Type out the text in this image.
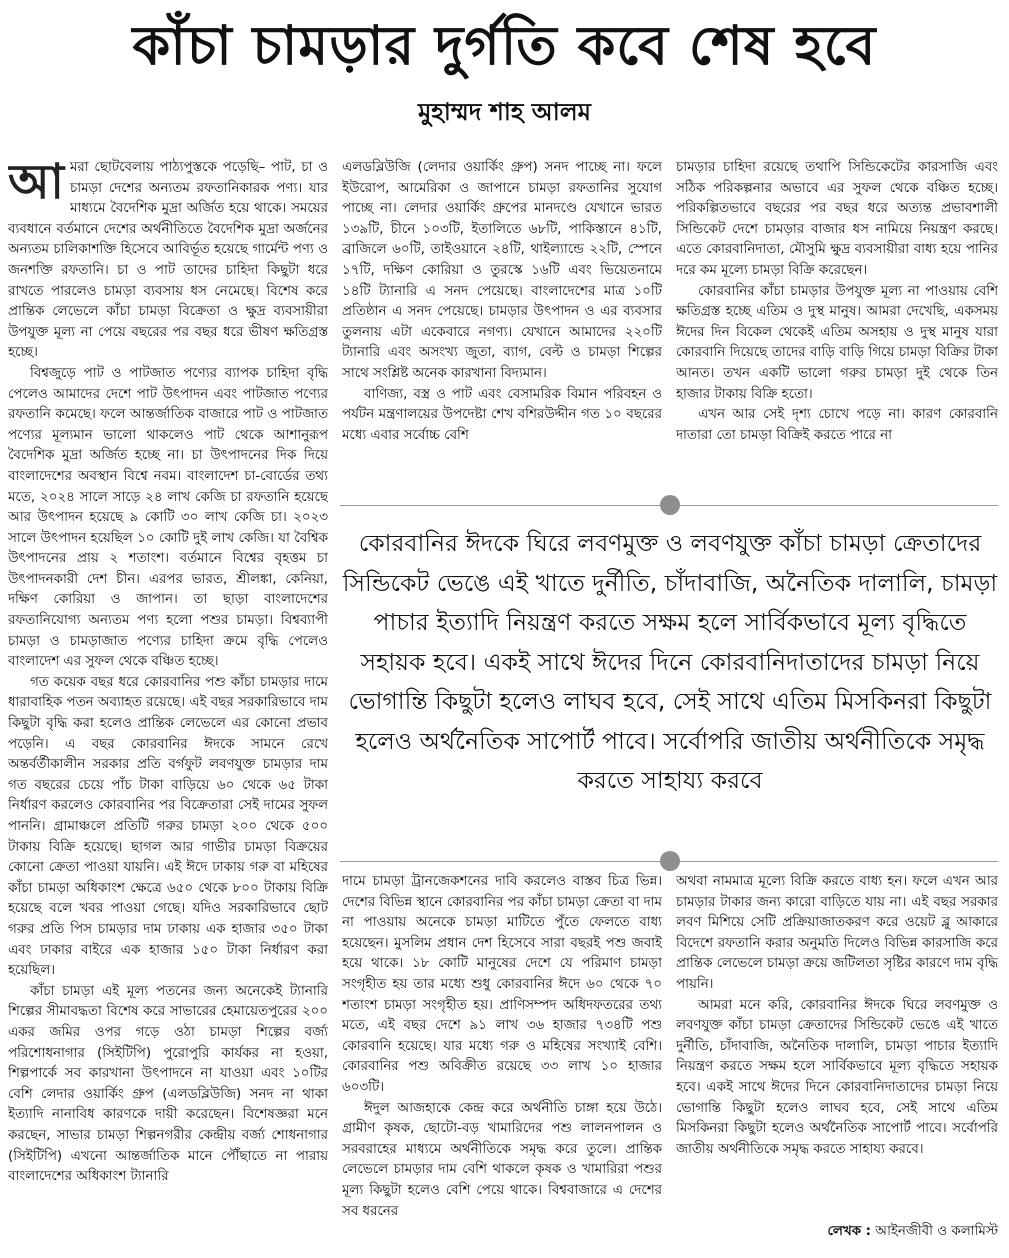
কাঁচা চামড়ার দুর্গতি কবে শেষ হবে
মুহাম্মদ শাহ আলম

আমরা ছোটবেলায় পাঠ্যপুস্তকে পড়েছি– পাট, চা ও চামড়া দেশের অন্যতম রফতানিকারক পণ্য। যার মাধ্যমে বৈদেশিক মুদ্রা অর্জিত হয়ে থাকে। সময়ের ব্যবধানে বর্তমানে দেশের অর্থনীতিতে বৈদেশিক মুদ্রা অর্জনের অন্যতম চালিকাশক্তি হিসেবে আবির্ভূত হয়েছে গার্মেন্ট পণ্য ও জনশক্তি রফতানি। চা ও পাট তাদের চাহিদা কিছুটা ধরে রাখতে পারলেও চামড়া ব্যবসায় ধস নেমেছে। বিশেষ করে প্রান্তিক লেভেলে কাঁচা চামড়া বিক্রেতা ও ক্ষুদ্র ব্যবসায়ীরা উপযুক্ত মূল্য না পেয়ে বছরের পর বছর ধরে ভীষণ ক্ষতিগ্রস্ত হচ্ছে।

বিশ্বজুড়ে পাট ও পাটজাত পণ্যের ব্যাপক চাহিদা বৃদ্ধি পেলেও আমাদের দেশে পাট উৎপাদন এবং পাটজাত পণ্যের রফতানি কমেছে। ফলে আন্তর্জাতিক বাজারে পাট ও পাটজাত পণ্যের মূল্যমান ভালো থাকলেও পাট থেকে আশানুরূপ বৈদেশিক মুদ্রা অর্জিত হচ্ছে না। চা উৎপাদনের দিক দিয়ে বাংলাদেশের অবস্থান বিশ্বে নবম। বাংলাদেশ চা-বোর্ডের তথ্য মতে, ২০২৪ সালে সাড়ে ২৪ লাখ কেজি চা রফতানি হয়েছে আর উৎপাদন হয়েছে ৯ কোটি ৩০ লাখ কেজি চা। ২০২৩ সালে উৎপাদন হয়েছিল ১০ কোটি দুই লাখ কেজি। যা বৈশ্বিক উৎপাদনের প্রায় ২ শতাংশ। বর্তমানে বিশ্বের বৃহত্তম চা উৎপাদনকারী দেশ চীন। এরপর ভারত, শ্রীলঙ্কা, কেনিয়া, দক্ষিণ কোরিয়া ও জাপান। তা ছাড়া বাংলাদেশের রফতানিযোগ্য অন্যতম পণ্য হলো পশুর চামড়া। বিশ্বব্যাপী চামড়া ও চামড়াজাত পণ্যের চাহিদা ক্রমে বৃদ্ধি পেলেও বাংলাদেশ এর সুফল থেকে বঞ্চিত হচ্ছে।

গত কয়েক বছর ধরে কোরবানির পশু কাঁচা চামড়ার দামে ধারাবাহিক পতন অব্যাহত রয়েছে। এই বছর সরকারিভাবে দাম কিছুটা বৃদ্ধি করা হলেও প্রান্তিক লেভেলে এর কোনো প্রভাব পড়েনি। এ বছর কোরবানির ঈদকে সামনে রেখে অন্তর্বর্তীকালীন সরকার প্রতি বর্গফুট লবণযুক্ত চামড়ার দাম গত বছরের চেয়ে পাঁচ টাকা বাড়িয়ে ৬০ থেকে ৬৫ টাকা নির্ধারণ করলেও কোরবানির পর বিক্রেতারা সেই দামের সুফল পাননি। গ্রামাঞ্চলে প্রতিটি গরুর চামড়া ২০০ থেকে ৫০০ টাকায় বিক্রি হয়েছে। ছাগল আর গাভীর চামড়া বিক্রয়ের কোনো ক্রেতা পাওয়া যায়নি। এই ঈদে ঢাকায় গরু বা মহিষের কাঁচা চামড়া অধিকাংশ ক্ষেত্রে ৬৫০ থেকে ৮০০ টাকায় বিক্রি হয়েছে বলে খবর পাওয়া গেছে। যদিও সরকারিভাবে ছোট গরুর প্রতি পিস চামড়ার দাম ঢাকায় এক হাজার ৩৫০ টাকা এবং ঢাকার বাইরে এক হাজার ১৫০ টাকা নির্ধারণ করা হয়েছিল।

কাঁচা চামড়া এই মূল্য পতনের জন্য অনেকেই ট্যানারি শিল্পের সীমাবদ্ধতা বিশেষ করে সাভারের হেমায়েতপুরের ২০০ একর জমির ওপর গড়ে ওঠা চামড়া শিল্পের বর্জ্য পরিশোধনাগার (সিইটিপি) পুরোপুরি কার্যকর না হওয়া, শিল্পপার্কে সব কারখানা উৎপাদনে না যাওয়া এবং ১০টির বেশি লেদার ওয়ার্কিং গ্রুপ (এলডব্লিউজি) সনদ না থাকা ইত্যাদি নানাবিধ কারণকে দায়ী করেছেন। বিশেষজ্ঞরা মনে করছেন, সাভার চামড়া শিল্পনগরীর কেন্দ্রীয় বর্জ্য শোধনাগার (সিইটিপি) এখনো আন্তর্জাতিক মানে পৌঁছাতে না পারায় বাংলাদেশের অধিকাংশ ট্যানারি

এলডব্লিউজি (লেদার ওয়ার্কিং গ্রুপ) সনদ পাচ্ছে না। ফলে ইউরোপ, আমেরিকা ও জাপানে চামড়া রফতানির সুযোগ পাচ্ছে না। লেদার ওয়ার্কিং গ্রুপের মানদণ্ডে যেখানে ভারত ১৩৯টি, চীনে ১০৩টি, ইতালিতে ৬৮টি, পাকিস্তানে ৪১টি, ব্রাজিলে ৬০টি, তাইওয়ানে ২৪টি, থাইল্যান্ডে ২২টি, স্পেনে ১৭টি, দক্ষিণ কোরিয়া ও তুরস্কে ১৬টি এবং ভিয়েতনামে ১৪টি ট্যানারি এ সনদ পেয়েছে। বাংলাদেশের মাত্র ১০টি প্রতিষ্ঠান এ সনদ পেয়েছে। চামড়ার উৎপাদন ও এর ব্যবসার তুলনায় এটা একেবারে নগণ্য। যেখানে আমাদের ২২০টি ট্যানারি এবং অসংখ্য জুতা, ব্যাগ, বেল্ট ও চামড়া শিল্পের সাথে সংশ্লিষ্ট অনেক কারখানা বিদ্যমান।

বাণিজ্য, বস্ত্র ও পাট এবং বেসামরিক বিমান পরিবহন ও পর্যটন মন্ত্রণালয়ের উপদেষ্টা শেখ বশিরউদ্দীন গত ১০ বছরের মধ্যে এবার সর্বোচ্চ বেশি

চামড়ার চাহিদা রয়েছে তথাপি সিন্ডিকেটের কারসাজি এবং সঠিক পরিকল্পনার অভাবে এর সুফল থেকে বঞ্চিত হচ্ছে। পরিকল্পিতভাবে বছরের পর বছর ধরে অত্যন্ত প্রভাবশালী সিন্ডিকেট দেশে চামড়ার বাজার ধস নামিয়ে নিয়ন্ত্রণ করছে। এতে কোরবানিদাতা, মৌসুমি ক্ষুদ্র ব্যবসায়ীরা বাধ্য হয়ে পানির দরে কম মূল্যে চামড়া বিক্রি করেছেন।

কোরবানির কাঁচা চামড়ার উপযুক্ত মূল্য না পাওয়ায় বেশি ক্ষতিগ্রস্ত হচ্ছে এতিম ও দুস্থ মানুষ। আমরা দেখেছি, একসময় ঈদের দিন বিকেল থেকেই এতিম অসহায় ও দুস্থ মানুষ যারা কোরবানি দিয়েছে তাদের বাড়ি বাড়ি গিয়ে চামড়া বিক্রির টাকা আনত। তখন একটি ভালো গরুর চামড়া দুই থেকে তিন হাজার টাকায় বিক্রি হতো।

এখন আর সেই দৃশ্য চোখে পড়ে না। কারণ কোরবানি দাতারা তো চামড়া বিক্রিই করতে পারে না

কোরবানির ঈদকে ঘিরে লবণমুক্ত ও লবণযুক্ত কাঁচা চামড়া ক্রেতাদের সিন্ডিকেট ভেঙে এই খাতে দুর্নীতি, চাঁদাবাজি, অনৈতিক দালালি, চামড়া পাচার ইত্যাদি নিয়ন্ত্রণ করতে সক্ষম হলে সার্বিকভাবে মূল্য বৃদ্ধিতে সহায়ক হবে। একই সাথে ঈদের দিনে কোরবানিদাতাদের চামড়া নিয়ে ভোগান্তি কিছুটা হলেও লাঘব হবে, সেই সাথে এতিম মিসকিনরা কিছুটা হলেও অর্থনৈতিক সাপোর্ট পাবে। সর্বোপরি জাতীয় অর্থনীতিকে সমৃদ্ধ করতে সাহায্য করবে

দামে চামড়া ট্রানজেকশনের দাবি করলেও বাস্তব চিত্র ভিন্ন। দেশের বিভিন্ন স্থানে কোরবানির পর কাঁচা চামড়া ক্রেতা বা দাম না পাওয়ায় অনেকে চামড়া মাটিতে পুঁতে ফেলতে বাধ্য হয়েছেন। মুসলিম প্রধান দেশ হিসেবে সারা বছরই পশু জবাই হয়ে থাকে। ১৮ কোটি মানুষের দেশে যে পরিমাণ চামড়া সংগৃহীত হয় তার মধ্যে শুধু কোরবানির ঈদে ৬০ থেকে ৭০ শতাংশ চামড়া সংগৃহীত হয়। প্রাণিসম্পদ অধিদফতরের তথ্য মতে, এই বছর দেশে ৯১ লাখ ৩৬ হাজার ৭৩৪টি পশু কোরবানি হয়েছে। যার মধ্যে গরু ও মহিষের সংখ্যাই বেশি। কোরবানির পশু অবিক্রীত রয়েছে ৩৩ লাখ ১০ হাজার ৬০৩টি।

ঈদুল আজহাকে কেন্দ্র করে অর্থনীতি চাঙ্গা হয়ে উঠে। গ্রামীণ কৃষক, ছোটো-বড় খামারিদের পশু লালনপালন ও সরবরাহের মাধ্যমে অর্থনীতিকে সমৃদ্ধ করে তুলে। প্রান্তিক লেভেলে চামড়ার দাম বেশি থাকলে কৃষক ও খামারিরা পশুর মূল্য কিছুটা হলেও বেশি পেয়ে থাকে। বিশ্ববাজারে এ দেশের সব ধরনের

অথবা নামমাত্র মূল্যে বিক্রি করতে বাধ্য হন। ফলে এখন আর চামড়ার টাকার জন্য কারো বাড়িতে যায় না। এই বছর সরকার লবণ মিশিয়ে সেটি প্রক্রিয়াজাতকরণ করে ওয়েট ব্লু আকারে বিদেশে রফতানি করার অনুমতি দিলেও বিভিন্ন কারসাজি করে প্রান্তিক লেভেলে চামড়া ক্রয়ে জটিলতা সৃষ্টির কারণে দাম বৃদ্ধি পায়নি।

আমরা মনে করি, কোরবানির ঈদকে ঘিরে লবণমুক্ত ও লবণযুক্ত কাঁচা চামড়া ক্রেতাদের সিন্ডিকেট ভেঙে এই খাতে দুর্নীতি, চাঁদাবাজি, অনৈতিক দালালি, চামড়া পাচার ইত্যাদি নিয়ন্ত্রণ করতে সক্ষম হলে সার্বিকভাবে মূল্য বৃদ্ধিতে সহায়ক হবে। একই সাথে ঈদের দিনে কোরবানিদাতাদের চামড়া নিয়ে ভোগান্তি কিছুটা হলেও লাঘব হবে, সেই সাথে এতিম মিসকিনরা কিছুটা হলেও অর্থনৈতিক সাপোর্ট পাবে। সর্বোপরি জাতীয় অর্থনীতিকে সমৃদ্ধ করতে সাহায্য করবে।

লেখক : আইনজীবী ও কলামিস্ট
